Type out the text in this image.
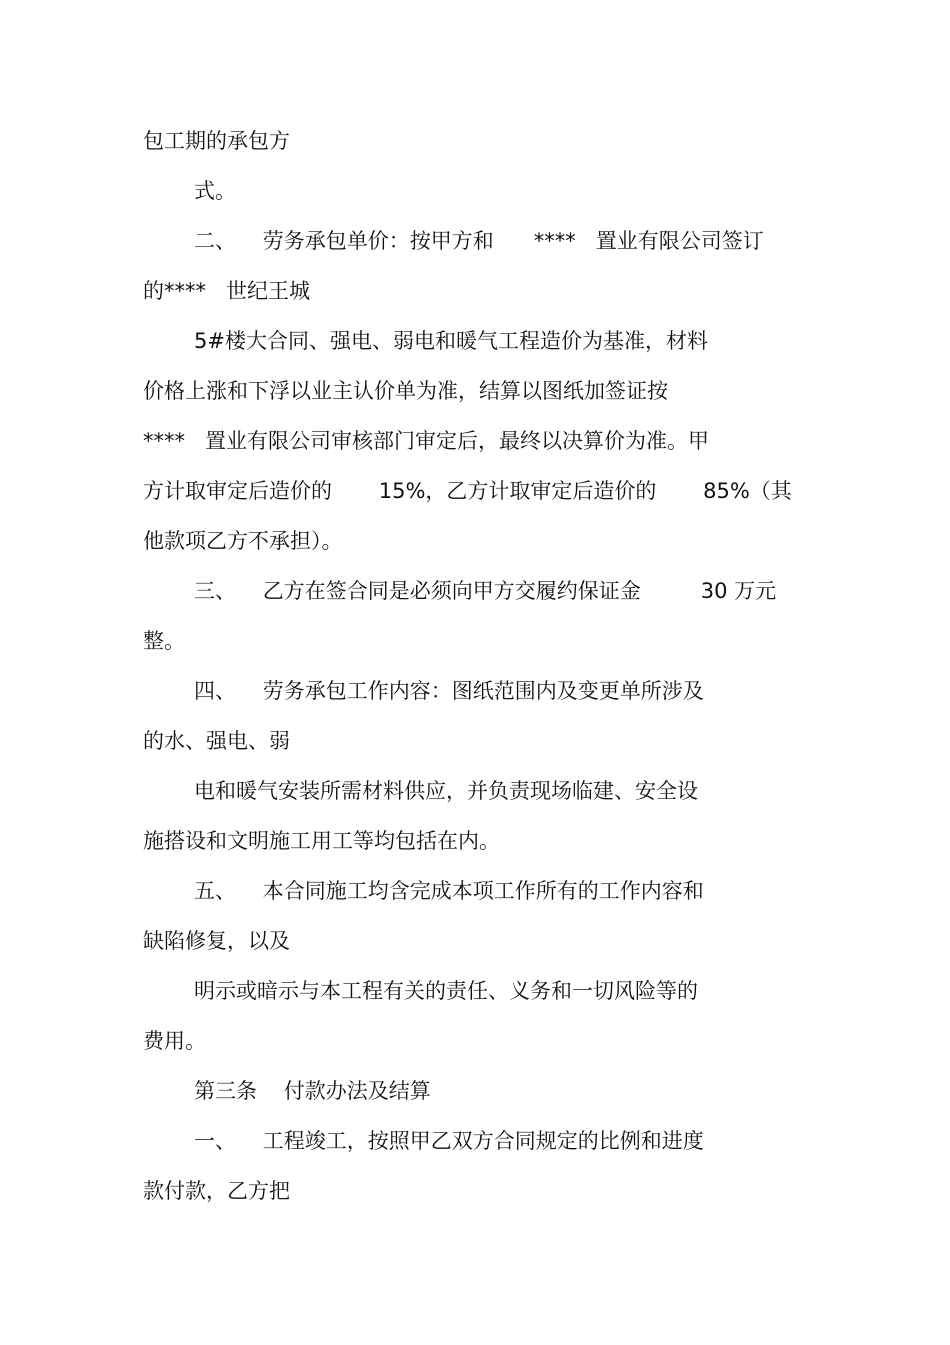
包工期的承包方

式。

二、    劳务承包单价：按甲方和      ****   置业有限公司签订

的****   世纪王城

5#楼大合同、强电、弱电和暖气工程造价为基准，材料

价格上涨和下浮以业主认价单为准，结算以图纸加签证按

****   置业有限公司审核部门审定后，最终以决算价为准。甲

方计取审定后造价的       15%，乙方计取审定后造价的       85%（其

他款项乙方不承担）。

三、    乙方在签合同是必须向甲方交履约保证金         30 万元

整。

四、    劳务承包工作内容：图纸范围内及变更单所涉及

的水、强电、弱

电和暖气安装所需材料供应，并负责现场临建、安全设

施搭设和文明施工用工等均包括在内。

五、    本合同施工均含完成本项工作所有的工作内容和

缺陷修复，以及

明示或暗示与本工程有关的责任、义务和一切风险等的

费用。

第三条    付款办法及结算

一、    工程竣工，按照甲乙双方合同规定的比例和进度

款付款，乙方把
